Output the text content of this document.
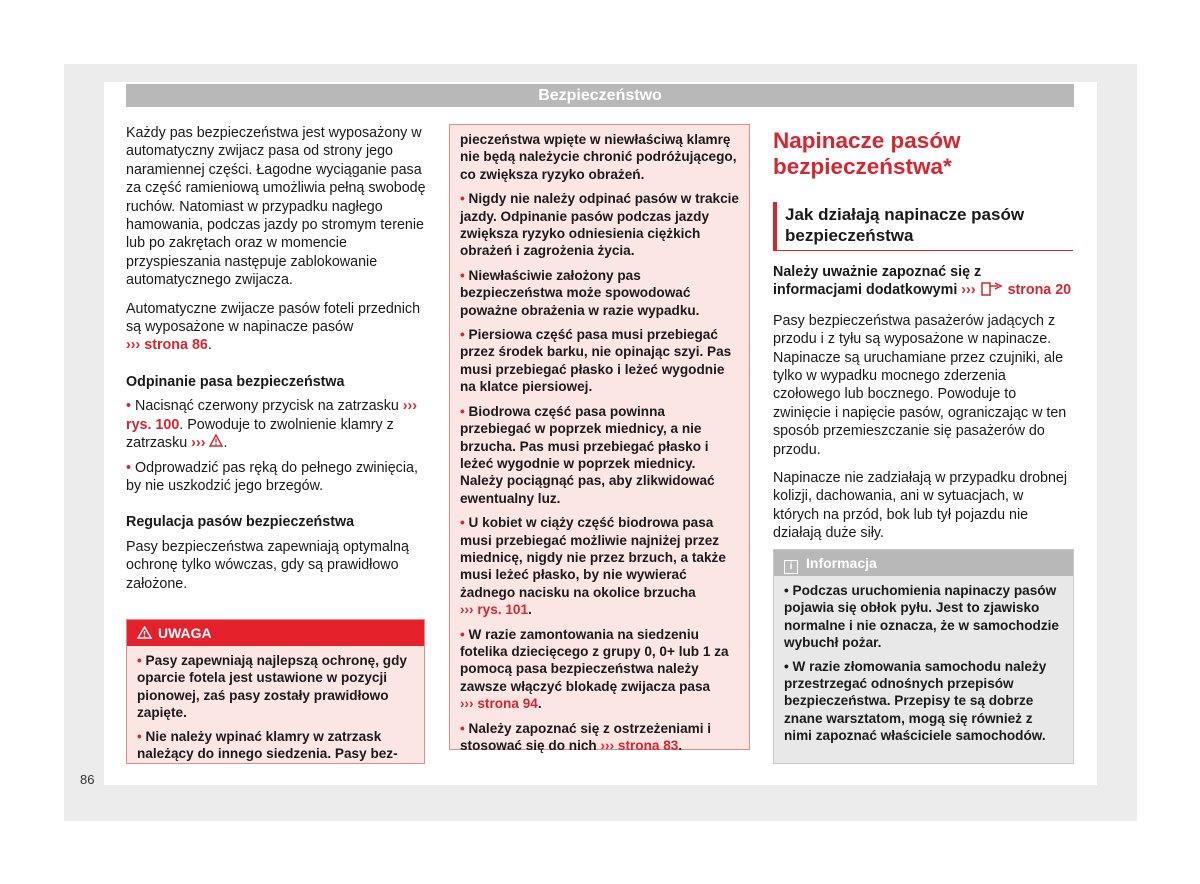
Bezpieczeństwo

Każdy pas bezpieczeństwa jest wyposażony w automatyczny zwijacz pasa od strony jego naramiennej części. Łagodne wyciąganie pasa za część ramieniową umożliwia pełną swobodę ruchów. Natomiast w przypadku nagłego hamowania, podczas jazdy po stromym terenie lub po zakrętach oraz w momencie przyspieszania następuje zablokowanie automatycznego zwijacza.

Automatyczne zwijacze pasów foteli przednich są wyposażone w napinacze pasów
››› strona 86.

Odpinanie pasa bezpieczeństwa
• Nacisnąć czerwony przycisk na zatrzasku ››› rys. 100. Powoduje to zwolnienie klamry z zatrzasku ››› .
• Odprowadzić pas ręką do pełnego zwinięcia, by nie uszkodzić jego brzegów.
Regulacja pasów bezpieczeństwa

Pasy bezpieczeństwa zapewniają optymalną ochronę tylko wówczas, gdy są prawidłowo założone.

UWAGA
• Pasy zapewniają najlepszą ochronę, gdy oparcie fotela jest ustawione w pozycji pionowej, zaś pasy zostały prawidłowo zapięte.
• Nie należy wpinać klamry w zatrzask należący do innego siedzenia. Pasy bez-

pieczeństwa wpięte w niewłaściwą klamrę nie będą należycie chronić podróżującego, co zwiększa ryzyko obrażeń.

• Nigdy nie należy odpinać pasów w trakcie jazdy. Odpinanie pasów podczas jazdy zwiększa ryzyko odniesienia ciężkich obrażeń i zagrożenia życia.
• Niewłaściwie założony pas bezpieczeństwa może spowodować poważne obrażenia w razie wypadku.
• Piersiowa część pasa musi przebiegać przez środek barku, nie opinając szyi. Pas musi przebiegać płasko i leżeć wygodnie na klatce piersiowej.
• Biodrowa część pasa powinna przebiegać w poprzek miednicy, a nie brzucha. Pas musi przebiegać płasko i leżeć wygodnie w poprzek miednicy. Należy pociągnąć pas, aby zlikwidować ewentualny luz.
• U kobiet w ciąży część biodrowa pasa musi przebiegać możliwie najniżej przez miednicę, nigdy nie przez brzuch, a także musi leżeć płasko, by nie wywierać żadnego nacisku na okolice brzucha
››› rys. 101.
• W razie zamontowania na siedzeniu fotelika dziecięcego z grupy 0, 0+ lub 1 za pomocą pasa bezpieczeństwa należy zawsze włączyć blokadę zwijacza pasa
››› strona 94.
• Należy zapoznać się z ostrzeżeniami i stosować się do nich ››› strona 83.
Napinacze pasów bezpieczeństwa*
Jak działają napinacze pasów bezpieczeństwa

Należy uważnie zapoznać się z informacjami dodatkowymi ››› strona 20

Pasy bezpieczeństwa pasażerów jadących z przodu i z tyłu są wyposażone w napinacze. Napinacze są uruchamiane przez czujniki, ale tylko w wypadku mocnego zderzenia czołowego lub bocznego. Powoduje to zwinięcie i napięcie pasów, ograniczając w ten sposób przemieszczanie się pasażerów do przodu.

Napinacze nie zadziałają w przypadku drobnej kolizji, dachowania, ani w sytuacjach, w których na przód, bok lub tył pojazdu nie działają duże siły.

i Informacja
• Podczas uruchomienia napinaczy pasów pojawia się obłok pyłu. Jest to zjawisko normalne i nie oznacza, że w samochodzie wybuchł pożar.
• W razie złomowania samochodu należy przestrzegać odnośnych przepisów bezpieczeństwa. Przepisy te są dobrze znane warsztatom, mogą się również z nimi zapoznać właściciele samochodów.
86
